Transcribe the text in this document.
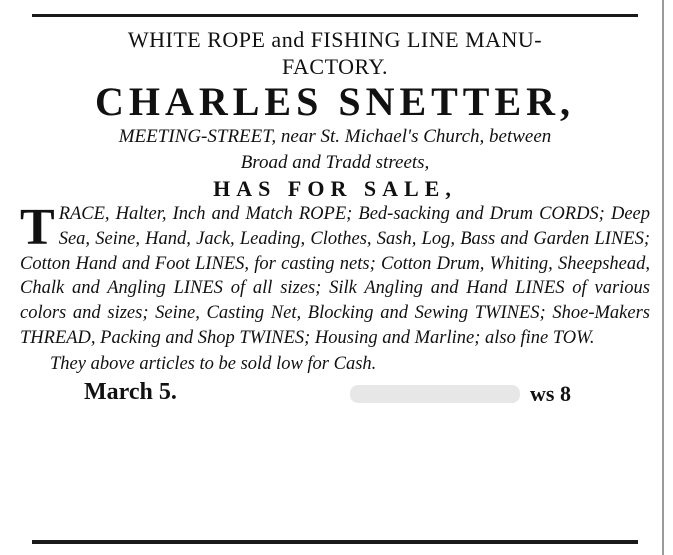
WHITE ROPE and FISHING LINE MANU-

FACTORY.

CHARLES SNETTER,

MEETING-STREET, near St. Michael's Church, between

Broad and Tradd streets,

HAS FOR SALE,

TRACE, Halter, Inch and Match ROPE; Bed-sacking and Drum CORDS; Deep Sea, Seine, Hand, Jack, Leading, Clothes, Sash, Log, Bass and Garden LINES; Cotton Hand and Foot LINES, for casting nets; Cotton Drum, Whiting, Sheepshead, Chalk and Angling LINES of all sizes; Silk Angling and Hand LINES of various colors and sizes; Seine, Casting Net, Blocking and Sewing TWINES; Shoe-Makers THREAD, Packing and Shop TWINES; Housing and Marline; also fine TOW.

They above articles to be sold low for Cash.

March 5.	ws 8
